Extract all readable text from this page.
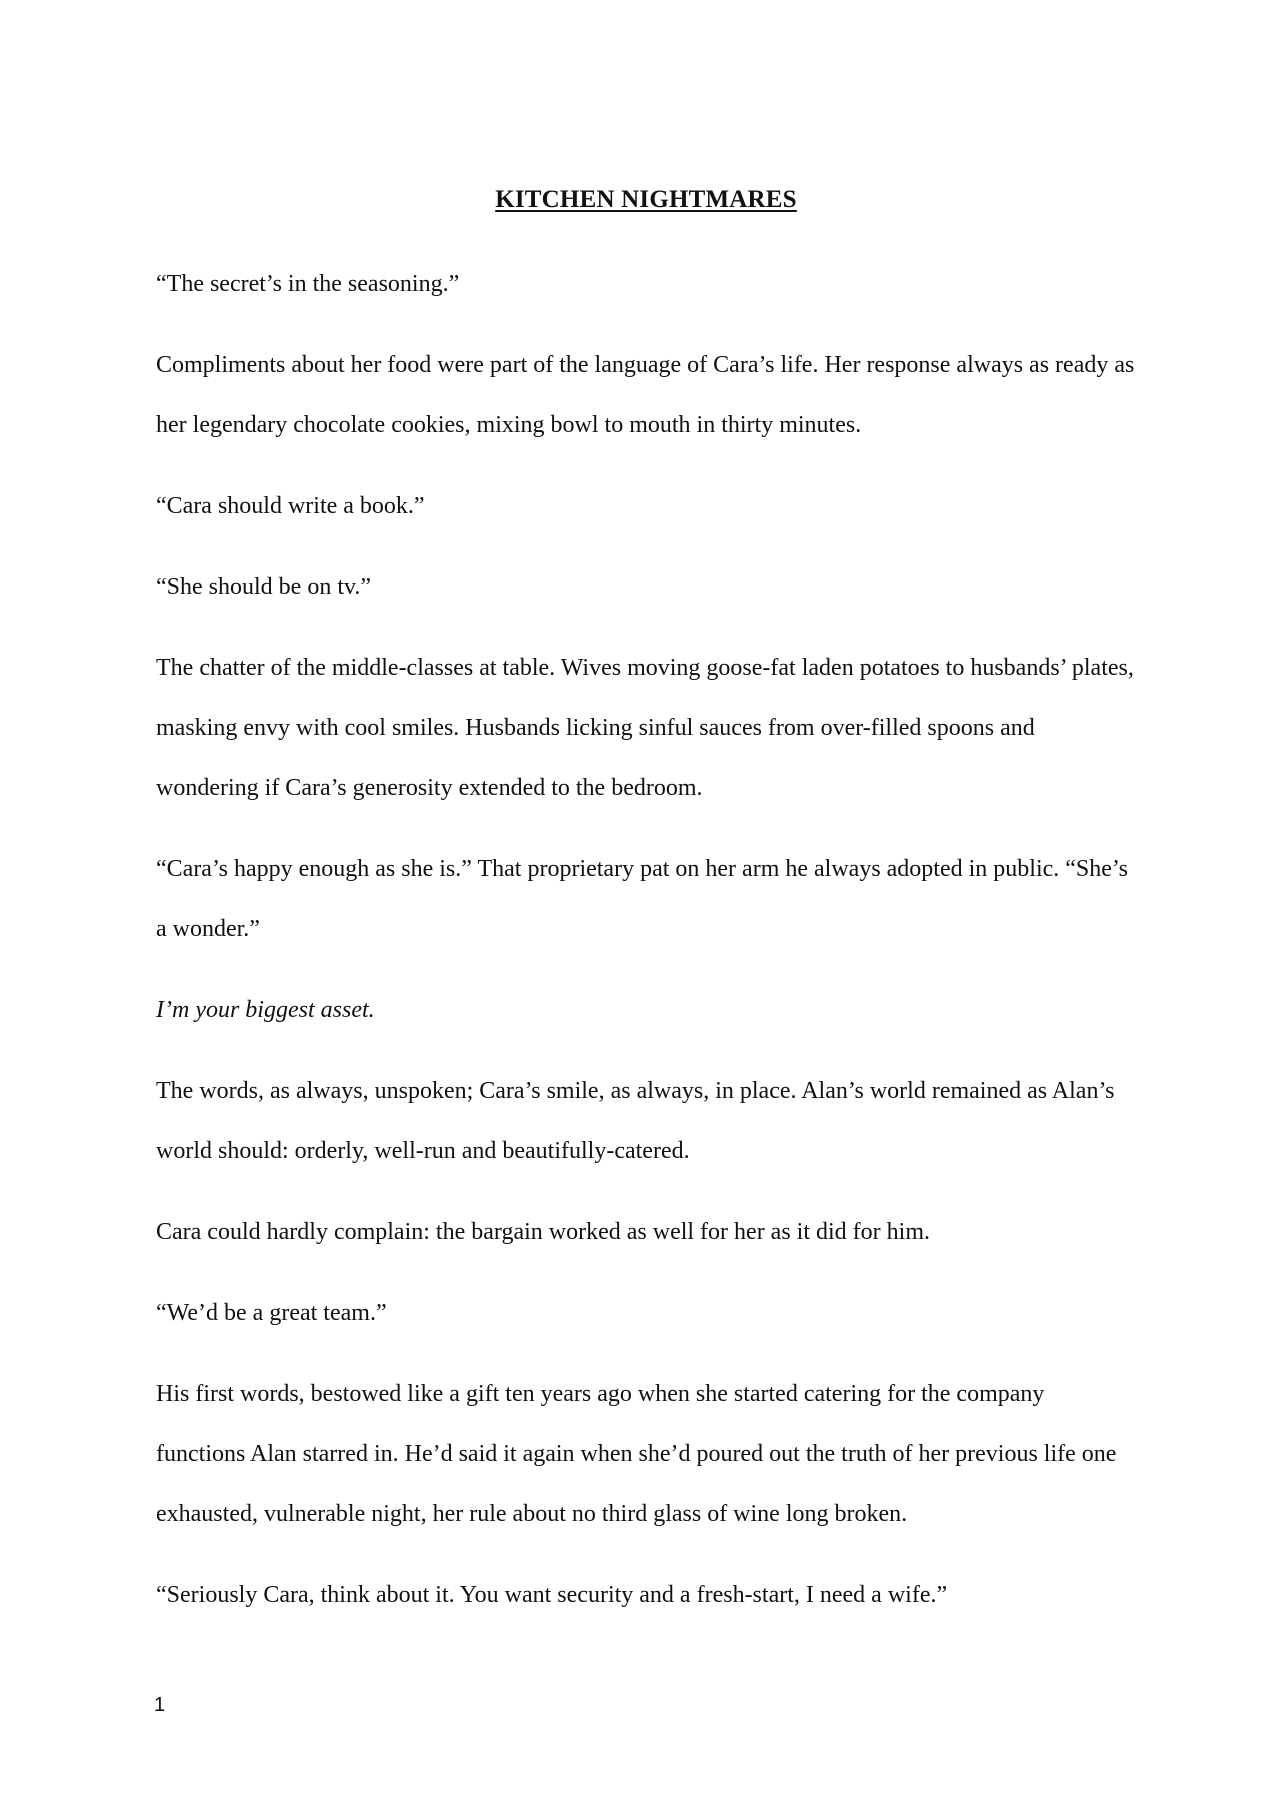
KITCHEN NIGHTMARES

“The secret’s in the seasoning.”

Compliments about her food were part of the language of Cara’s life. Her response always as ready as her legendary chocolate cookies, mixing bowl to mouth in thirty minutes.

“Cara should write a book.”

“She should be on tv.”

The chatter of the middle-classes at table. Wives moving goose-fat laden potatoes to husbands’ plates, masking envy with cool smiles. Husbands licking sinful sauces from over-filled spoons and wondering if Cara’s generosity extended to the bedroom.

“Cara’s happy enough as she is.” That proprietary pat on her arm he always adopted in public. “She’s a wonder.”

I’m your biggest asset.

The words, as always, unspoken; Cara’s smile, as always, in place. Alan’s world remained as Alan’s world should: orderly, well-run and beautifully-catered.

Cara could hardly complain: the bargain worked as well for her as it did for him.

“We’d be a great team.”

His first words, bestowed like a gift ten years ago when she started catering for the company functions Alan starred in. He’d said it again when she’d poured out the truth of her previous life one exhausted, vulnerable night, her rule about no third glass of wine long broken.

“Seriously Cara, think about it. You want security and a fresh-start, I need a wife.”

1
